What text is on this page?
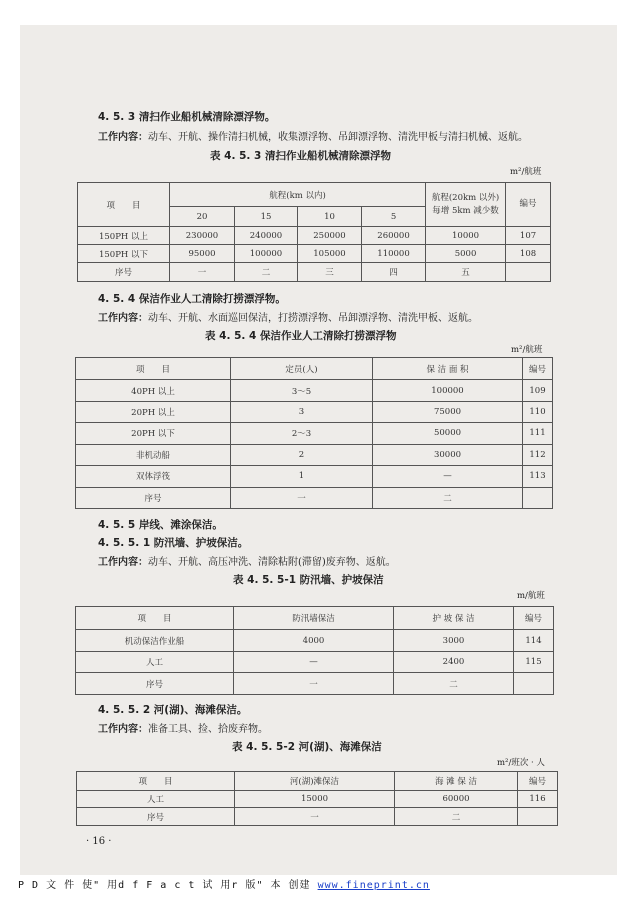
4. 5. 3 清扫作业船机械清除漂浮物。
工作内容：动车、开航、操作清扫机械，收集漂浮物、吊卸漂浮物、清洗甲板与清扫机械、返航。
表 4. 5. 3 清扫作业船机械清除漂浮物
m²/航班
项　　目	航程(km 以内)				航程(20km 以外)每增 5km 减少数	编号
	20	15	10	5		
150PH 以上	230000	240000	250000	260000	10000	107
150PH 以下	95000	100000	105000	110000	5000	108
序号	一	二	三	四	五	
4. 5. 4 保洁作业人工清除打捞漂浮物。
工作内容：动车、开航、水面巡回保洁，打捞漂浮物、吊卸漂浮物、清洗甲板、返航。
表 4. 5. 4 保洁作业人工清除打捞漂浮物
m²/航班
项　　目	定员(人)	保 洁 面 积	编号
40PH 以上	3～5	100000	109
20PH 以上	3	75000	110
20PH 以下	2～3	50000	111
非机动船	2	30000	112
双体浮筏	1	—	113
序号	一	二	
4. 5. 5 岸线、滩涂保洁。
4. 5. 5. 1 防汛墙、护坡保洁。
工作内容：动车、开航、高压冲洗、清除粘附(滞留)废弃物、返航。
表 4. 5. 5-1 防汛墙、护坡保洁
m/航班
项　　目	防汛墙保洁	护 坡 保 洁	编号
机动保洁作业船	4000	3000	114
人工	—	2400	115
序号	一	二	
4. 5. 5. 2 河(湖)、海滩保洁。
工作内容：准备工具、捡、拾废弃物。
表 4. 5. 5-2 河(湖)、海滩保洁
m²/班次 · 人
项　　目	河(湖)滩保洁	海 滩 保 洁	编号
人工	15000	60000	116
序号	一	二	
· 16 ·
P D 文 件 使" 用d f F a c t 试 用r 版" 本 创建 www.fineprint.cn
